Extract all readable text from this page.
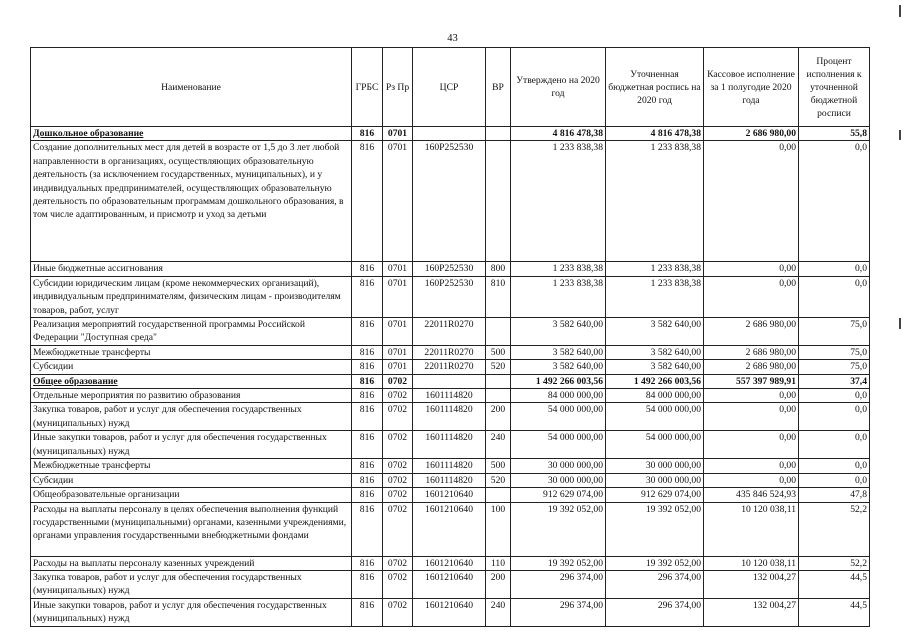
43
Наименование	ГРБС	Рз Пр	ЦСР	ВР	Утверждено на 2020 год	Уточненная бюджетная роспись на 2020 год	Кассовое исполнение за 1 полугодие 2020 года	Процент исполнения к уточненной бюджетной росписи
Дошкольное образование	816	0701			4 816 478,38	4 816 478,38	2 686 980,00	55,8
Создание дополнительных мест для детей в возрасте от 1,5 до 3 лет любой направленности в организациях, осуществляющих образовательную деятельность (за исключением государственных, муниципальных), и у индивидуальных предпринимателей, осуществляющих образовательную деятельность по образовательным программам дошкольного образования, в том числе адаптированным, и присмотр и уход за детьми	816	0701	160P252530		1 233 838,38	1 233 838,38	0,00	0,0
Иные бюджетные ассигнования	816	0701	160P252530	800	1 233 838,38	1 233 838,38	0,00	0,0
Субсидии юридическим лицам (кроме некоммерческих организаций), индивидуальным предпринимателям, физическим лицам - производителям товаров, работ, услуг	816	0701	160P252530	810	1 233 838,38	1 233 838,38	0,00	0,0
Реализация мероприятий государственной программы Российской Федерации "Доступная среда"	816	0701	22011R0270		3 582 640,00	3 582 640,00	2 686 980,00	75,0
Межбюджетные трансферты	816	0701	22011R0270	500	3 582 640,00	3 582 640,00	2 686 980,00	75,0
Субсидии	816	0701	22011R0270	520	3 582 640,00	3 582 640,00	2 686 980,00	75,0
Общее образование	816	0702			1 492 266 003,56	1 492 266 003,56	557 397 989,91	37,4
Отдельные мероприятия по развитию образования	816	0702	1601114820		84 000 000,00	84 000 000,00	0,00	0,0
Закупка товаров, работ и услуг для обеспечения государственных (муниципальных) нужд	816	0702	1601114820	200	54 000 000,00	54 000 000,00	0,00	0,0
Иные закупки товаров, работ и услуг для обеспечения государственных (муниципальных) нужд	816	0702	1601114820	240	54 000 000,00	54 000 000,00	0,00	0,0
Межбюджетные трансферты	816	0702	1601114820	500	30 000 000,00	30 000 000,00	0,00	0,0
Субсидии	816	0702	1601114820	520	30 000 000,00	30 000 000,00	0,00	0,0
Общеобразовательные организации	816	0702	1601210640		912 629 074,00	912 629 074,00	435 846 524,93	47,8
Расходы на выплаты персоналу в целях обеспечения выполнения функций государственными (муниципальными) органами, казенными учреждениями, органами управления государственными внебюджетными фондами	816	0702	1601210640	100	19 392 052,00	19 392 052,00	10 120 038,11	52,2
Расходы на выплаты персоналу казенных учреждений	816	0702	1601210640	110	19 392 052,00	19 392 052,00	10 120 038,11	52,2
Закупка товаров, работ и услуг для обеспечения государственных (муниципальных) нужд	816	0702	1601210640	200	296 374,00	296 374,00	132 004,27	44,5
Иные закупки товаров, работ и услуг для обеспечения государственных (муниципальных) нужд	816	0702	1601210640	240	296 374,00	296 374,00	132 004,27	44,5
